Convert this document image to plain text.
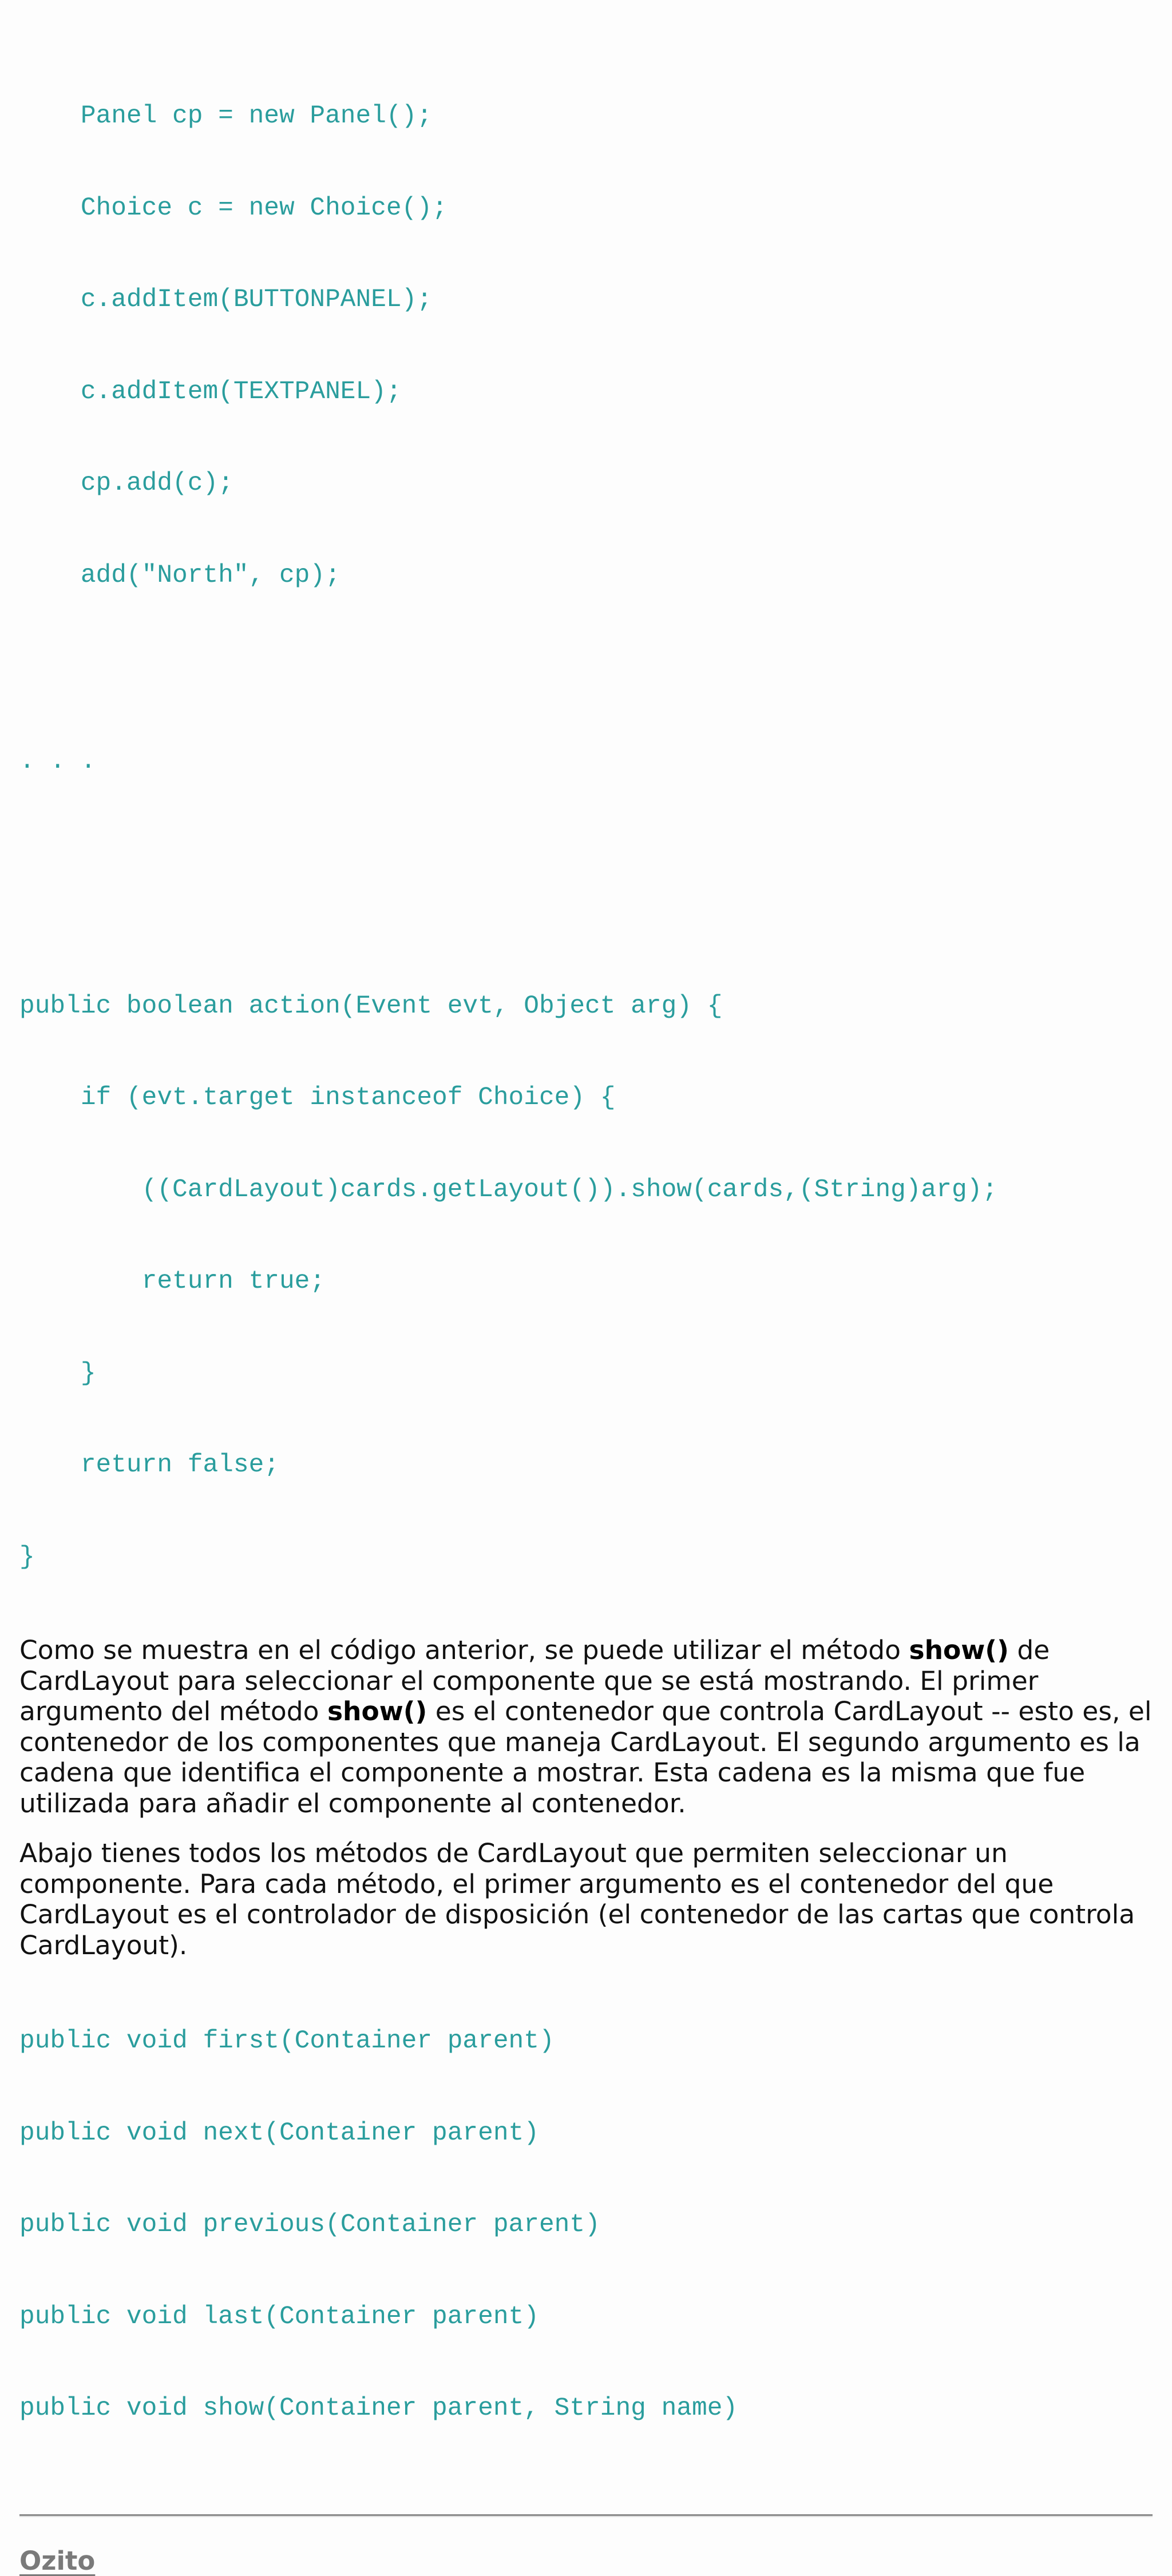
Panel cp = new Panel();

Choice c = new Choice();

c.addItem(BUTTONPANEL);

c.addItem(TEXTPANEL);

cp.add(c);

add("North", cp);

. . .

public boolean action(Event evt, Object arg) {

if (evt.target instanceof Choice) {

((CardLayout)cards.getLayout()).show(cards,(String)arg);

return true;

}

return false;

}

Como se muestra en el código anterior, se puede utilizar el método show() de CardLayout para seleccionar el componente que se está mostrando. El primer argumento del método show() es el contenedor que controla CardLayout -- esto es, el contenedor de los componentes que maneja CardLayout. El segundo argumento es la cadena que identifica el componente a mostrar. Esta cadena es la misma que fue utilizada para añadir el componente al contenedor.

Abajo tienes todos los métodos de CardLayout que permiten seleccionar un componente. Para cada método, el primer argumento es el contenedor del que CardLayout es el controlador de disposición (el contenedor de las cartas que controla CardLayout).

public void first(Container parent)

public void next(Container parent)

public void previous(Container parent)

public void last(Container parent)

public void show(Container parent, String name)

Ozito
